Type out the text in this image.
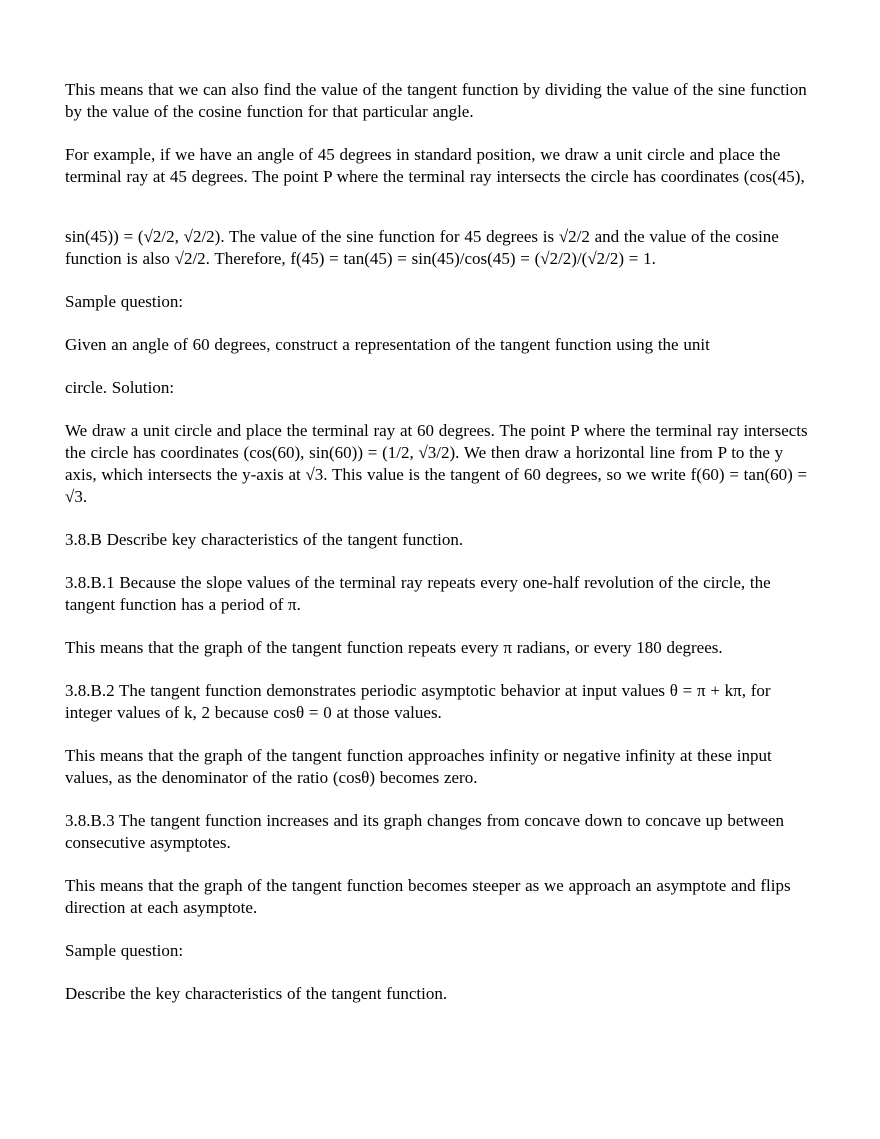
This means that we can also find the value of the tangent function by dividing the value of the sine function by the value of the cosine function for that particular angle.

For example, if we have an angle of 45 degrees in standard position, we draw a unit circle and place the terminal ray at 45 degrees. The point P where the terminal ray intersects the circle has coordinates (cos(45),

sin(45)) = (√2/2, √2/2). The value of the sine function for 45 degrees is √2/2 and the value of the cosine function is also √2/2. Therefore, f(45) = tan(45) = sin(45)/cos(45) = (√2/2)/(√2/2) = 1.

Sample question:

Given an angle of 60 degrees, construct a representation of the tangent function using the unit

circle. Solution:

We draw a unit circle and place the terminal ray at 60 degrees. The point P where the terminal ray intersects the circle has coordinates (cos(60), sin(60)) = (1/2, √3/2). We then draw a horizontal line from P to the y axis, which intersects the y-axis at √3. This value is the tangent of 60 degrees, so we write f(60) = tan(60) = √3.

3.8.B Describe key characteristics of the tangent function.

3.8.B.1 Because the slope values of the terminal ray repeats every one-half revolution of the circle, the tangent function has a period of π.

This means that the graph of the tangent function repeats every π radians, or every 180 degrees.

3.8.B.2 The tangent function demonstrates periodic asymptotic behavior at input values θ = π + kπ, for integer values of k, 2 because cosθ = 0 at those values.

This means that the graph of the tangent function approaches infinity or negative infinity at these input values, as the denominator of the ratio (cosθ) becomes zero.

3.8.B.3 The tangent function increases and its graph changes from concave down to concave up between consecutive asymptotes.

This means that the graph of the tangent function becomes steeper as we approach an asymptote and flips direction at each asymptote.

Sample question:

Describe the key characteristics of the tangent function.
